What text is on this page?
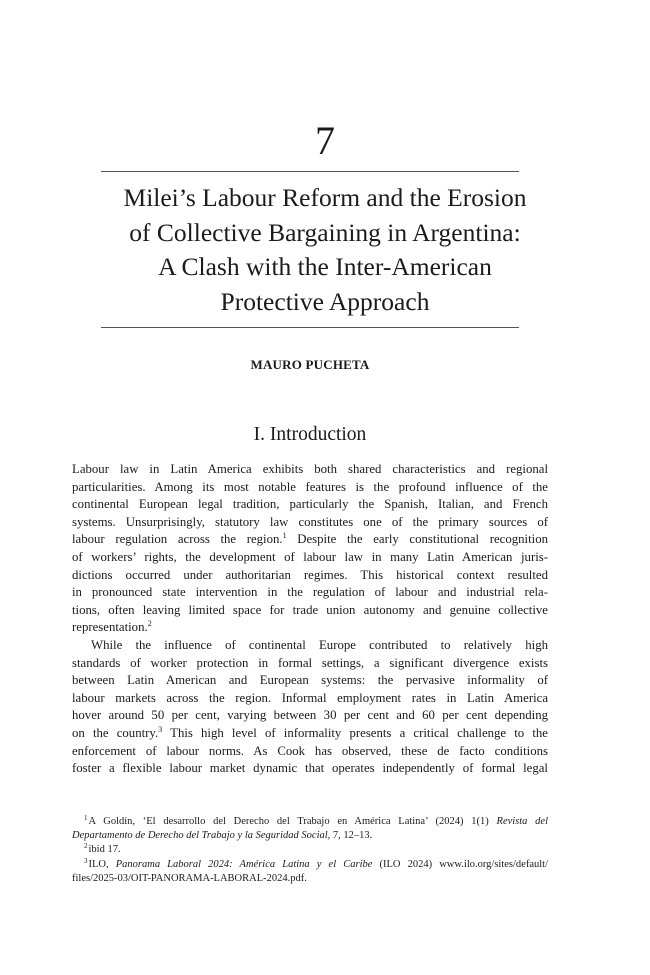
7
Milei’s Labour Reform and the Erosion
of Collective Bargaining in Argentina:
A Clash with the Inter-American
Protective Approach
MAURO PUCHETA
I. Introduction
Labour law in Latin America exhibits both shared characteristics and regional
particularities. Among its most notable features is the profound influence of the
continental European legal tradition, particularly the Spanish, Italian, and French
systems. Unsurprisingly, statutory law constitutes one of the primary sources of
labour regulation across the region.$^1$ Despite the early constitutional recognition
of workers’ rights, the development of labour law in many Latin American juris-
dictions occurred under authoritarian regimes. This historical context resulted
in pronounced state intervention in the regulation of labour and industrial rela-
tions, often leaving limited space for trade union autonomy and genuine collective
representation.$^2$
While the influence of continental Europe contributed to relatively high
standards of worker protection in formal settings, a significant divergence exists
between Latin American and European systems: the pervasive informality of
labour markets across the region. Informal employment rates in Latin America
hover around 50 per cent, varying between 30 per cent and 60 per cent depending
on the country.$^3$ This high level of informality presents a critical challenge to the
enforcement of labour norms. As Cook has observed, these de facto conditions
foster a flexible labour market dynamic that operates independently of formal legal
$^1$A Goldín, ‘El desarrollo del Derecho del Trabajo en América Latina’ (2024) 1(1) Revista del
Departamento de Derecho del Trabajo y la Seguridad Social, 7, 12–13.
$^2$ibid 17.
$^3$ILO, Panorama Laboral 2024: América Latina y el Caribe (ILO 2024) www.ilo.org/sites/default/
files/2025-03/OIT-PANORAMA-LABORAL-2024.pdf.
